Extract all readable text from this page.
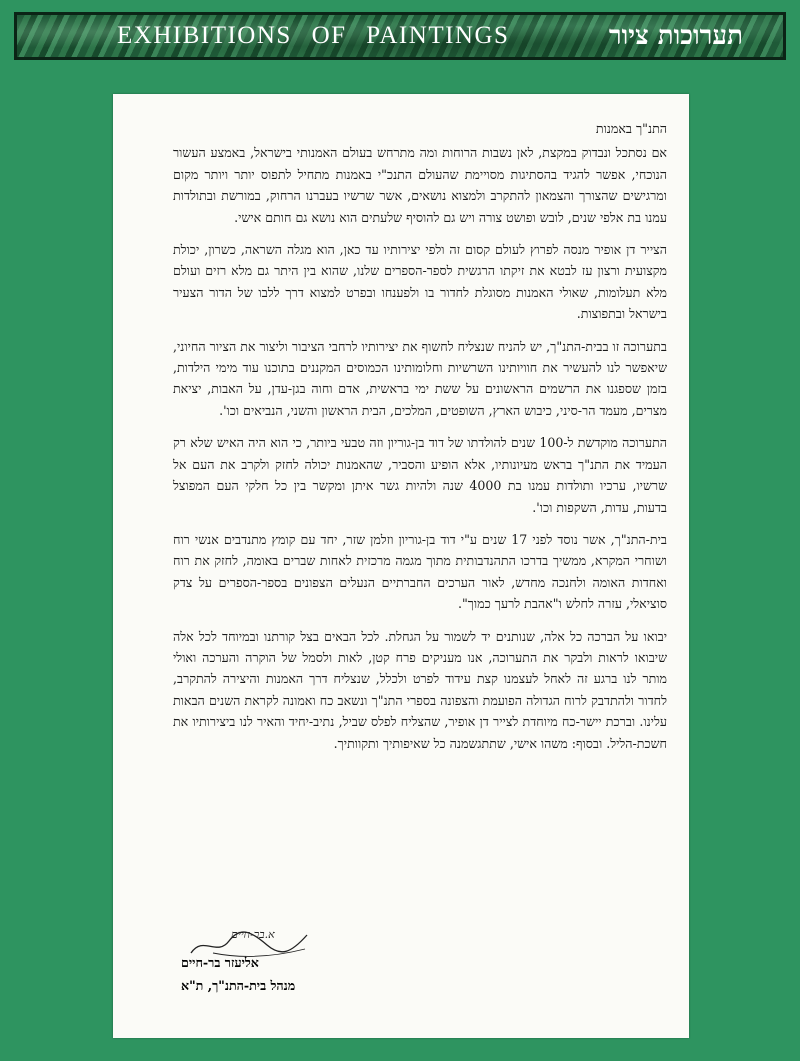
EXHIBITIONS OF PAINTINGS	תערוכות ציור

התנ"ך באמנות

אם נסתכל ונבדוק במקצת, לאן נשבות הרוחות ומה מתרחש בעולם האמנותי בישראל, באמצע העשור הנוכחי, אפשר להגיד בהסתיגות מסויימת שהעולם התנכ"י באמנות מתחיל לתפוס יותר ויותר מקום ומרגישים שהצורך והצמאון להתקרב ולמצוא נושאים, אשר שרשיו בעברנו הרחוק, במורשת ובתולדות עמנו בת אלפי שנים, לובש ופושט צורה ויש גם להוסיף שלעתים הוא נושא גם חותם אישי.

הצייר דן אופיר מנסה לפרוץ לעולם קסום זה ולפי יצירותיו עד כאן, הוא מגלה השראה, כשרון, יכולת מקצועית ורצון עז לבטא את זיקתו הרגשית לספר-הספרים שלנו, שהוא בין היתר גם מלא רזים ועולם מלא תעלומות, שאולי האמנות מסוגלת לחדור בו ולפענחו ובפרט למצוא דרך ללבו של הדור הצעיר בישראל ובתפוצות.

בתערוכה זו בבית-התנ"ך, יש להניח שנצליח לחשוף את יצירותיו לרחבי הציבור וליצור את הציור החיוני, שיאפשר לנו להעשיר את חוויותינו השרשיות וחלומותינו הכמוסים המקננים בתוכנו עוד מימי הילדות, בזמן שספגנו את הרשמים הראשונים על ששת ימי בראשית, אדם וחוה בגן-עדן, על האבות, יציאת מצרים, מעמד הר-סיני, כיבוש הארץ, השופטים, המלכים, הבית הראשון והשני, הנביאים וכו'.

התערוכה מוקדשת ל-100 שנים להולדתו של דוד בן-גוריון וזה טבעי ביותר, כי הוא היה האיש שלא רק העמיד את התנ"ך בראש מעיונותיו, אלא הופיע והסביר, שהאמנות יכולה לחזק ולקרב את העם אל שרשיו, ערכיו ותולדות עמנו בת 4000 שנה ולהיות גשר איתן ומקשר בין כל חלקי העם המפוצל בדעות, עדות, השקפות וכו'.

בית-התנ"ך, אשר נוסד לפני 17 שנים ע"י דוד בן-גוריון וזלמן שזר, יחד עם קומץ מתנדבים אנשי רוח ושוחרי המקרא, ממשיך בדרכו התהנדבותית מתוך מגמה מרכזית לאחות שברים באומה, לחזק את רוח ואחדות האומה ולחנכה מחדש, לאור הערכים החברתיים הנעלים הצפונים בספר-הספרים על צדק סוציאלי, עזרה לחלש ו"אהבת לרעך כמוך".

יבואו על הברכה כל אלה, שנותנים יד לשמור על הגחלת. לכל הבאים בצל קורתנו ובמיוחד לכל אלה שיבואו לראות ולבקר את התערוכה, אנו מעניקים פרח קטן, לאות ולסמל של הוקרה והערכה ואולי מותר לנו ברגע זה לאחל לעצמנו קצת עידוד לפרט ולכלל, שנצליח דרך האמנות והיצירה להתקרב, לחדור ולהתדבק לרוח הגדולה הפועמת והצפונה בספרי התנ"ך ונשאב כח ואמונה לקראת השנים הבאות עלינו. וברכת יישר-כח מיוחדת לצייר דן אופיר, שהצליח לפלס שביל, נתיב-יחיד והאיר לנו ביצירותיו את חשכת-הליל. ובסוף: משהו אישי, שתתגשמנה כל שאיפותיך ותקוותיך.

א.בר-חיים
אליעזר בר-חיים
מנהל בית-התנ"ך, ת"א
